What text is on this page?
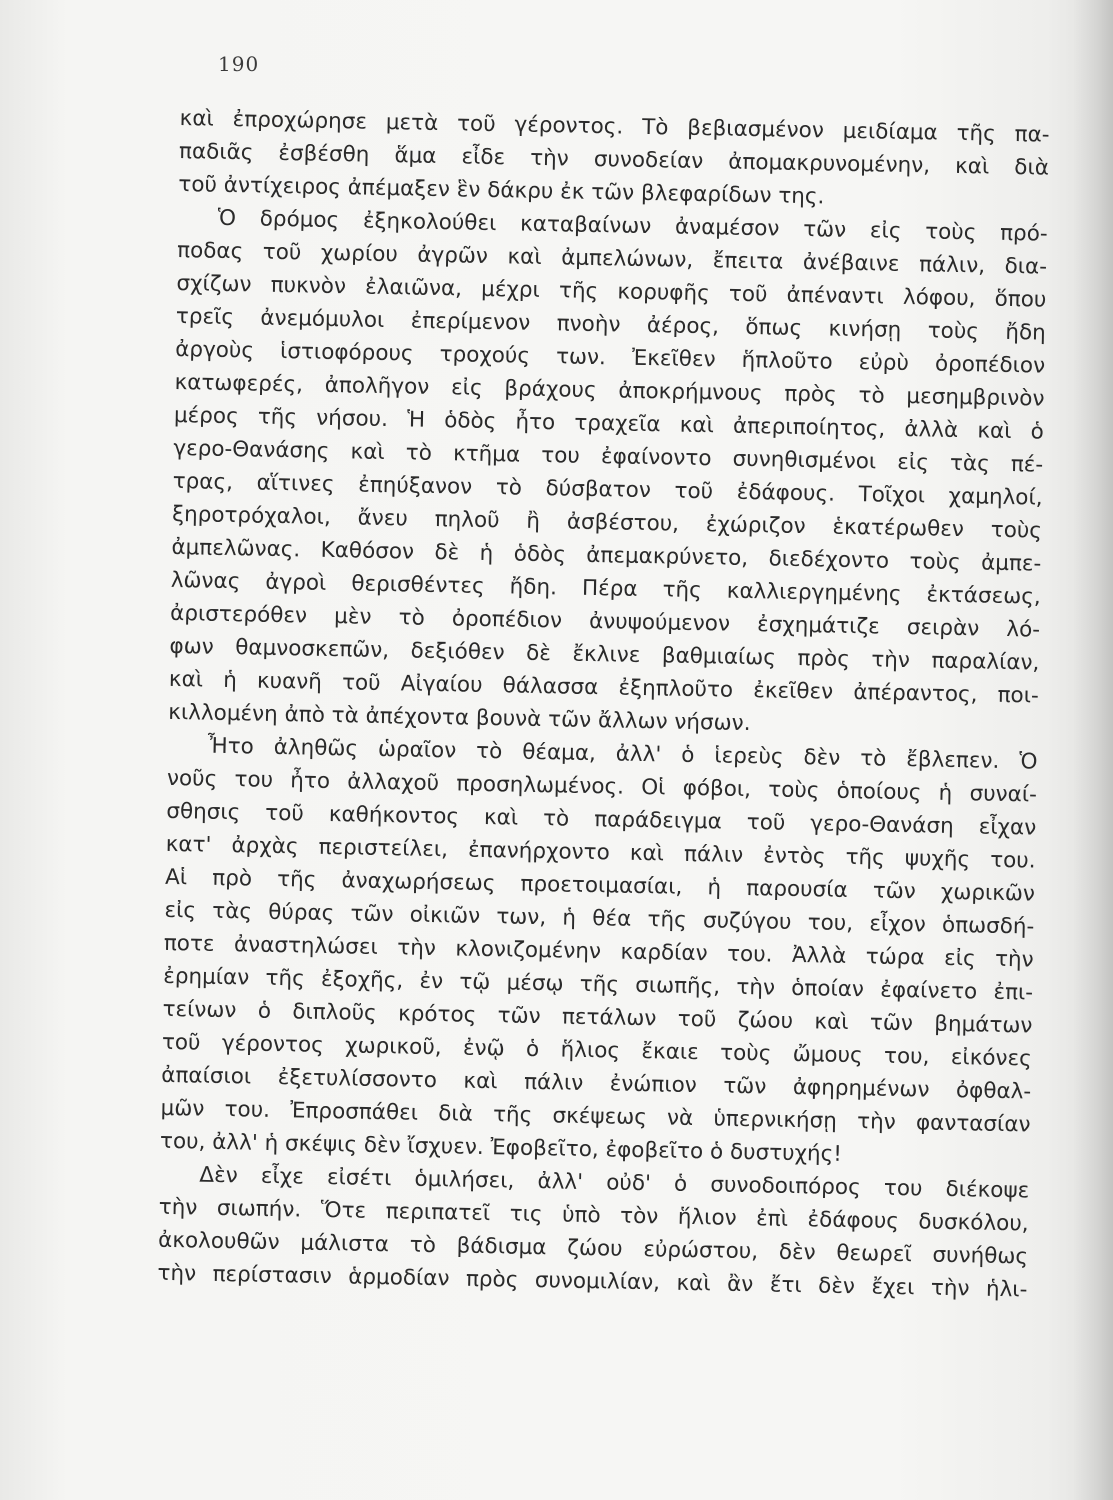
190
καὶ ἐπροχώρησε μετὰ τοῦ γέροντος. Τὸ βεβιασμένον μειδίαμα τῆς πα-
παδιᾶς ἐσβέσθη ἅμα εἶδε τὴν συνοδείαν ἀπομακρυνομένην, καὶ διὰ
τοῦ ἀντίχειρος ἀπέμαξεν ἓν δάκρυ ἐκ τῶν βλεφαρίδων της.
Ὁ δρόμος ἐξηκολούθει καταβαίνων ἀναμέσον τῶν εἰς τοὺς πρό-
ποδας τοῦ χωρίου ἀγρῶν καὶ ἀμπελώνων, ἔπειτα ἀνέβαινε πάλιν, δια-
σχίζων πυκνὸν ἐλαιῶνα, μέχρι τῆς κορυφῆς τοῦ ἀπέναντι λόφου, ὅπου
τρεῖς ἀνεμόμυλοι ἐπερίμενον πνοὴν ἀέρος, ὅπως κινήσῃ τοὺς ἤδη
ἀργοὺς ἱστιοφόρους τροχούς των. Ἐκεῖθεν ἥπλοῦτο εὐρὺ ὀροπέδιον
κατωφερές, ἀπολῆγον εἰς βράχους ἀποκρήμνους πρὸς τὸ μεσημβρινὸν
μέρος τῆς νήσου. Ἡ ὁδὸς ἦτο τραχεῖα καὶ ἀπεριποίητος, ἀλλὰ καὶ ὁ
γερο-Θανάσης καὶ τὸ κτῆμα του ἐφαίνοντο συνηθισμένοι εἰς τὰς πέ-
τρας, αἵτινες ἐπηύξανον τὸ δύσβατον τοῦ ἐδάφους. Τοῖχοι χαμηλοί,
ξηροτρόχαλοι, ἄνευ πηλοῦ ἢ ἀσβέστου, ἐχώριζον ἑκατέρωθεν τοὺς
ἀμπελῶνας. Καθόσον δὲ ἡ ὁδὸς ἀπεμακρύνετο, διεδέχοντο τοὺς ἀμπε-
λῶνας ἀγροὶ θερισθέντες ἤδη. Πέρα τῆς καλλιεργημένης ἐκτάσεως,
ἀριστερόθεν μὲν τὸ ὀροπέδιον ἀνυψούμενον ἐσχημάτιζε σειρὰν λό-
φων θαμνοσκεπῶν, δεξιόθεν δὲ ἔκλινε βαθμιαίως πρὸς τὴν παραλίαν,
καὶ ἡ κυανῆ τοῦ Αἰγαίου θάλασσα ἐξηπλοῦτο ἐκεῖθεν ἀπέραντος, ποι-
κιλλομένη ἀπὸ τὰ ἀπέχοντα βουνὰ τῶν ἄλλων νήσων.
Ἦτο ἀληθῶς ὡραῖον τὸ θέαμα, ἀλλ' ὁ ἱερεὺς δὲν τὸ ἔβλεπεν. Ὁ
νοῦς του ἦτο ἀλλαχοῦ προσηλωμένος. Οἱ φόβοι, τοὺς ὁποίους ἡ συναί-
σθησις τοῦ καθήκοντος καὶ τὸ παράδειγμα τοῦ γερο-Θανάση εἶχαν
κατ' ἀρχὰς περιστείλει, ἐπανήρχοντο καὶ πάλιν ἐντὸς τῆς ψυχῆς του.
Αἱ πρὸ τῆς ἀναχωρήσεως προετοιμασίαι, ἡ παρουσία τῶν χωρικῶν
εἰς τὰς θύρας τῶν οἰκιῶν των, ἡ θέα τῆς συζύγου του, εἶχον ὁπωσδή-
ποτε ἀναστηλώσει τὴν κλονιζομένην καρδίαν του. Ἀλλὰ τώρα εἰς τὴν
ἐρημίαν τῆς ἐξοχῆς, ἐν τῷ μέσῳ τῆς σιωπῆς, τὴν ὁποίαν ἐφαίνετο ἐπι-
τείνων ὁ διπλοῦς κρότος τῶν πετάλων τοῦ ζώου καὶ τῶν βημάτων
τοῦ γέροντος χωρικοῦ, ἐνῷ ὁ ἥλιος ἔκαιε τοὺς ὤμους του, εἰκόνες
ἀπαίσιοι ἐξετυλίσσοντο καὶ πάλιν ἐνώπιον τῶν ἀφηρημένων ὀφθαλ-
μῶν του. Ἐπροσπάθει διὰ τῆς σκέψεως νὰ ὑπερνικήσῃ τὴν φαντασίαν
του, ἀλλ' ἡ σκέψις δὲν ἴσχυεν. Ἐφοβεῖτο, ἐφοβεῖτο ὁ δυστυχής!
Δὲν εἶχε εἰσέτι ὁμιλήσει, ἀλλ' οὐδ' ὁ συνοδοιπόρος του διέκοψε
τὴν σιωπήν. Ὅτε περιπατεῖ τις ὑπὸ τὸν ἥλιον ἐπὶ ἐδάφους δυσκόλου,
ἀκολουθῶν μάλιστα τὸ βάδισμα ζώου εὐρώστου, δὲν θεωρεῖ συνήθως
τὴν περίστασιν ἁρμοδίαν πρὸς συνομιλίαν, καὶ ἂν ἔτι δὲν ἔχει τὴν ἡλι-
